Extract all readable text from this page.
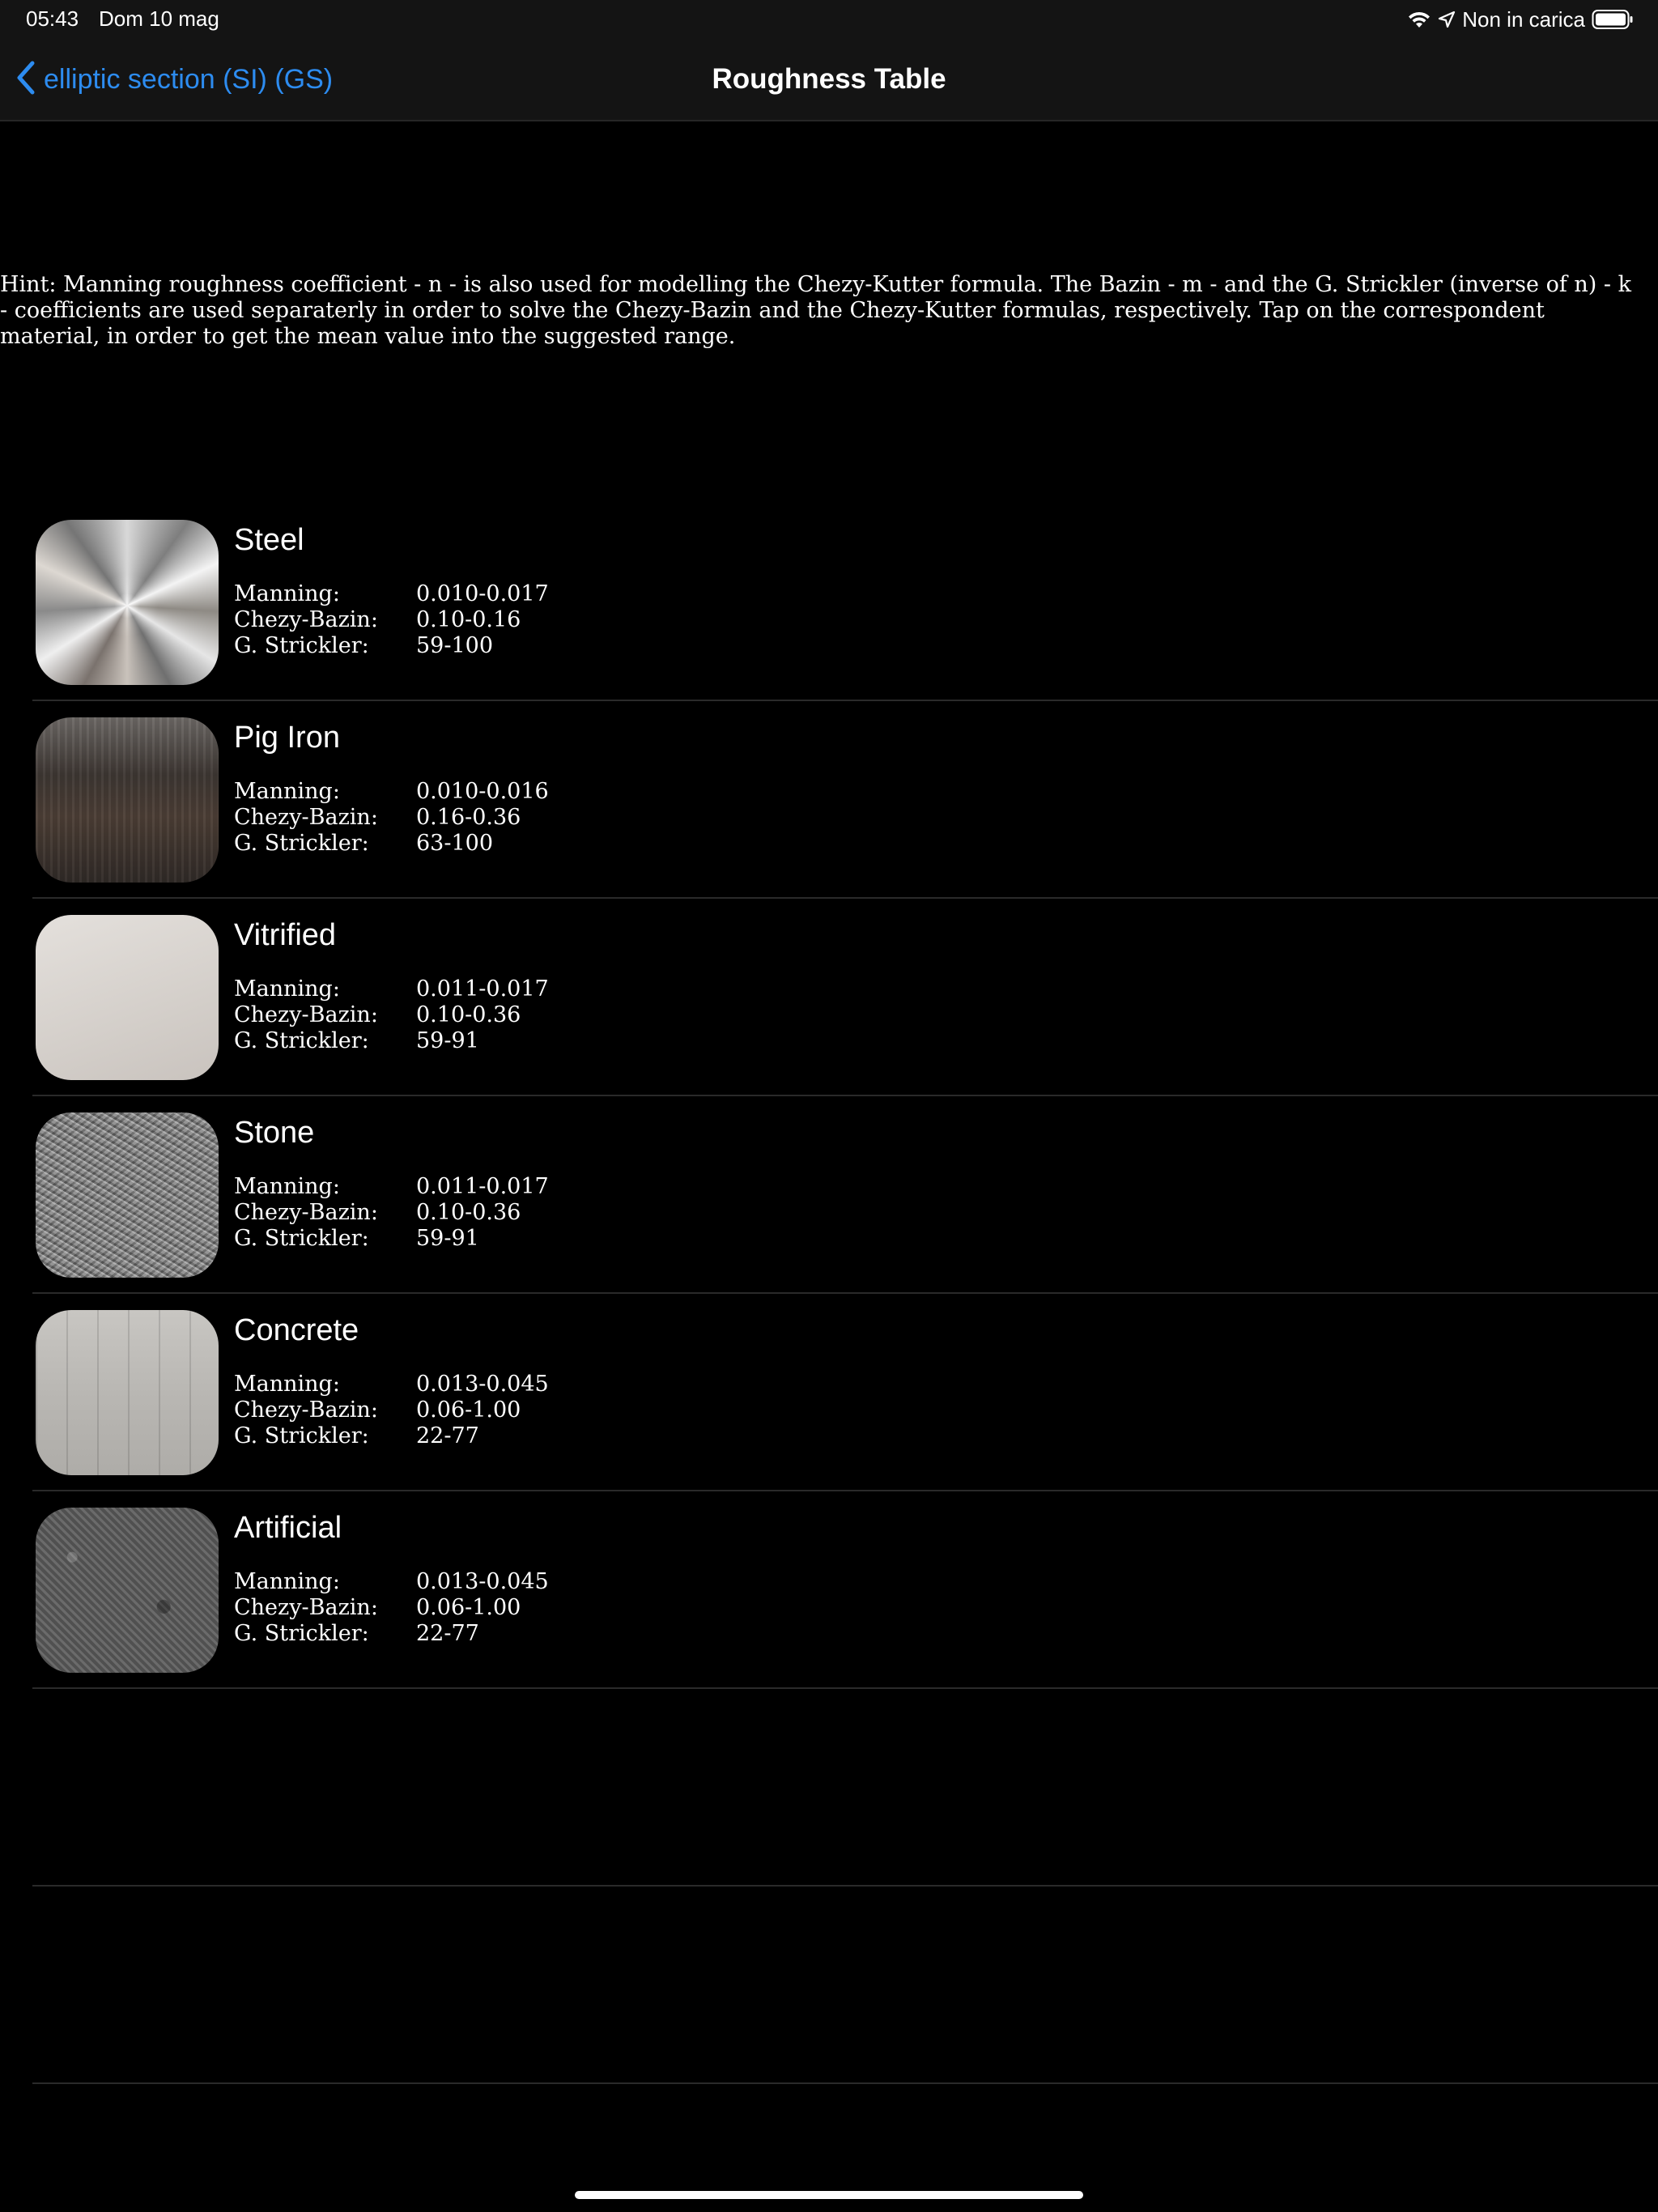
05:43 Dom 10 mag	Non in carica
elliptic section (SI) (GS)	Roughness Table
Hint: Manning roughness coefficient - n - is also used for modelling the Chezy-Kutter formula. The Bazin - m - and the G. Strickler (inverse of n) - k - coefficients are used separaterly in order to solve the Chezy-Bazin and the Chezy-Kutter formulas, respectively. Tap on the correspondent material, in order to get the mean value into the suggested range.
Steel
Manning:	0.010-0.017
Chezy-Bazin:	0.10-0.16
G. Strickler:	59-100
Pig Iron
Manning:	0.010-0.016
Chezy-Bazin:	0.16-0.36
G. Strickler:	63-100
Vitrified
Manning:	0.011-0.017
Chezy-Bazin:	0.10-0.36
G. Strickler:	59-91
Stone
Manning:	0.011-0.017
Chezy-Bazin:	0.10-0.36
G. Strickler:	59-91
Concrete
Manning:	0.013-0.045
Chezy-Bazin:	0.06-1.00
G. Strickler:	22-77
Artificial
Manning:	0.013-0.045
Chezy-Bazin:	0.06-1.00
G. Strickler:	22-77
